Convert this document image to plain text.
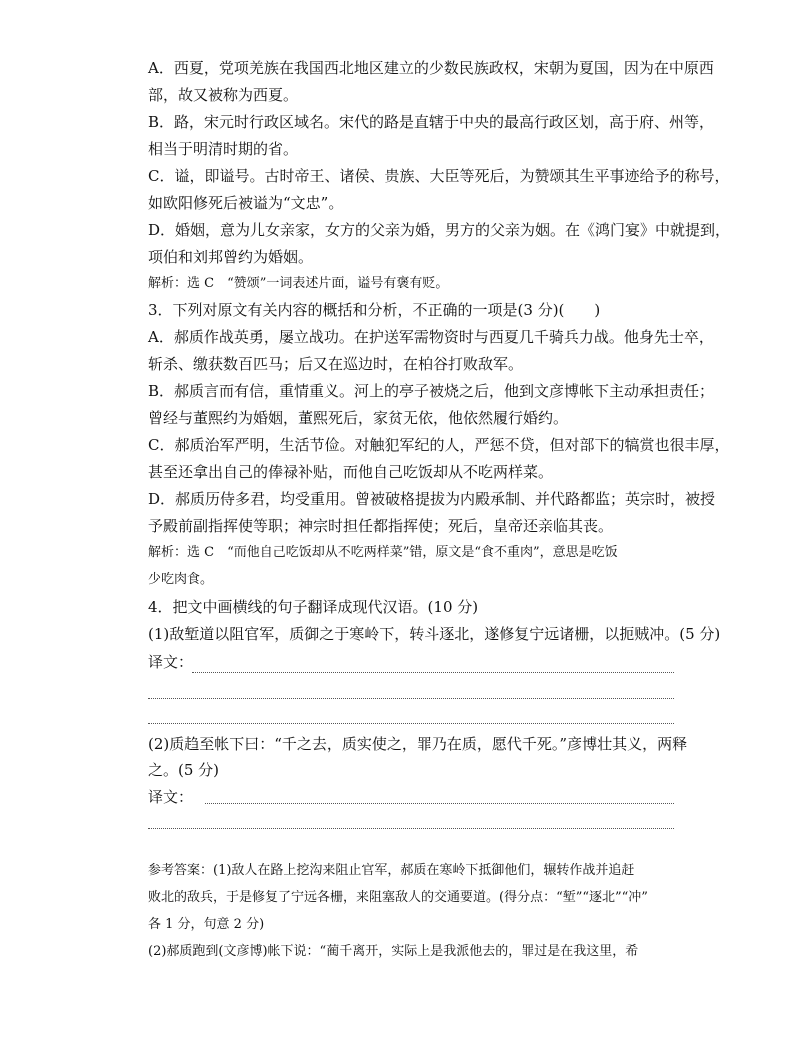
A．西夏，党项羌族在我国西北地区建立的少数民族政权，宋朝为夏国，因为在中原西
部，故又被称为西夏。
B．路，宋元时行政区域名。宋代的路是直辖于中央的最高行政区划，高于府、州等，
相当于明清时期的省。
C．谥，即谥号。古时帝王、诸侯、贵族、大臣等死后，为赞颂其生平事迹给予的称号，
如欧阳修死后被谥为“文忠”。
D．婚姻，意为儿女亲家，女方的父亲为婚，男方的父亲为姻。在《鸿门宴》中就提到，
项伯和刘邦曾约为婚姻。
解析：选 C　“赞颂”一词表述片面，谥号有褒有贬。
3．下列对原文有关内容的概括和分析，不正确的一项是(3 分)(　　)
A．郝质作战英勇，屡立战功。在护送军需物资时与西夏几千骑兵力战。他身先士卒，
斩杀、缴获数百匹马；后又在巡边时，在柏谷打败敌军。
B．郝质言而有信，重情重义。河上的亭子被烧之后，他到文彦博帐下主动承担责任；
曾经与董熙约为婚姻，董熙死后，家贫无依，他依然履行婚约。
C．郝质治军严明，生活节俭。对触犯军纪的人，严惩不贷，但对部下的犒赏也很丰厚，
甚至还拿出自己的俸禄补贴，而他自己吃饭却从不吃两样菜。
D．郝质历侍多君，均受重用。曾被破格提拔为内殿承制、并代路都监；英宗时，被授
予殿前副指挥使等职；神宗时担任都指挥使；死后，皇帝还亲临其丧。
解析：选 C　“而他自己吃饭却从不吃两样菜”错，原文是“食不重肉”，意思是吃饭
少吃肉食。
4．把文中画横线的句子翻译成现代汉语。(10 分)
(1)敌堑道以阻官军，质御之于寒岭下，转斗逐北，遂修复宁远诸栅，以扼贼冲。(5 分)
译文：
(2)质趋至帐下曰：“千之去，质实使之，罪乃在质，愿代千死。”彦博壮其义，两释
之。(5 分)
译文：
参考答案：(1)敌人在路上挖沟来阻止官军，郝质在寒岭下抵御他们，辗转作战并追赶
败北的敌兵，于是修复了宁远各栅，来阻塞敌人的交通要道。(得分点：“堑”“逐北”“冲”
各 1 分，句意 2 分)
(2)郝质跑到(文彦博)帐下说：“蔺千离开，实际上是我派他去的，罪过是在我这里，希
